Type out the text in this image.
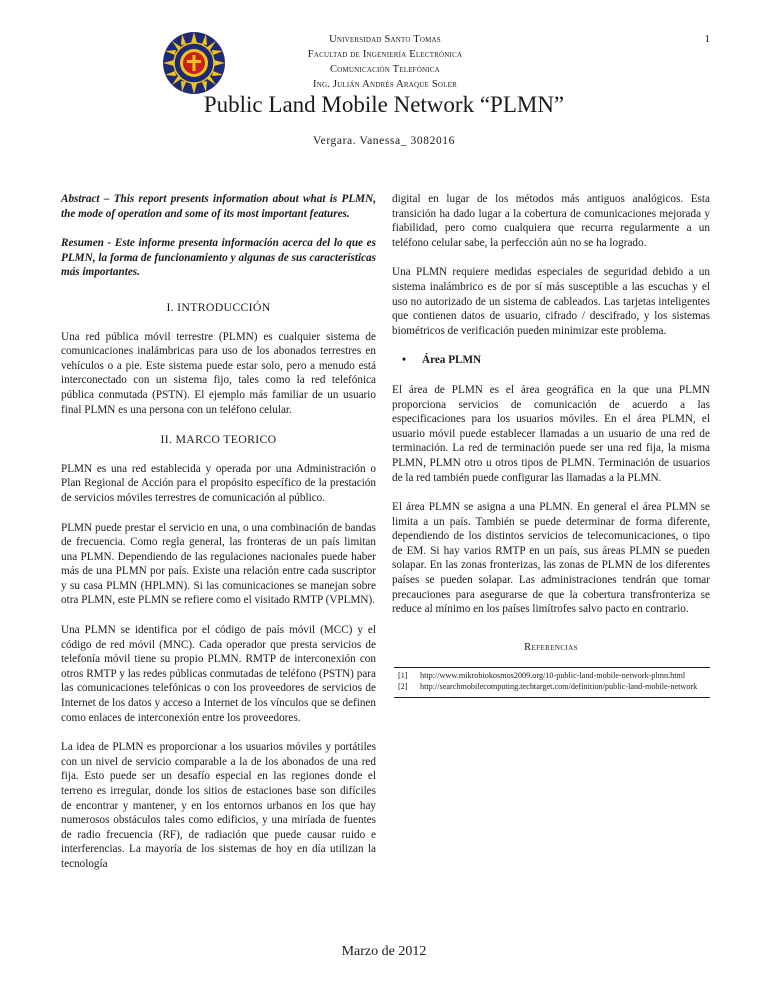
1
Universidad Santo Tomas
Facultad de Ingeniería Electrónica
Comunicación Telefónica
Ing. Julián Andrés Araque Soler
Public Land Mobile Network “PLMN”
Vergara. Vanessa_ 3082016

Abstract – This report presents information about what is PLMN, the mode of operation and some of its most important features.

Resumen - Este informe presenta información acerca del lo que es PLMN, la forma de funcionamiento y algunas de sus características más importantes.

I. INTRODUCCIÓN

Una red pública móvil terrestre (PLMN) es cualquier sistema de comunicaciones inalámbricas para uso de los abonados terrestres en vehículos o a pie. Este sistema puede estar solo, pero a menudo está interconectado con un sistema fijo, tales como la red telefónica pública conmutada (PSTN). El ejemplo más familiar de un usuario final PLMN es una persona con un teléfono celular.

II. MARCO TEORICO

PLMN es una red establecida y operada por una Administración o Plan Regional de Acción para el propósito específico de la prestación de servicios móviles terrestres de comunicación al público.

PLMN puede prestar el servicio en una, o una combinación de bandas de frecuencia. Como regla general, las fronteras de un país limitan una PLMN. Dependiendo de las regulaciones nacionales puede haber más de una PLMN por país. Existe una relación entre cada suscriptor y su casa PLMN (HPLMN). Si las comunicaciones se manejan sobre otra PLMN, este PLMN se refiere como el visitado RMTP (VPLMN).

Una PLMN se identifica por el código de país móvil (MCC) y el código de red móvil (MNC). Cada operador que presta servicios de telefonía móvil tiene su propio PLMN. RMTP de interconexión con otros RMTP y las redes públicas conmutadas de teléfono (PSTN) para las comunicaciones telefónicas o con los proveedores de servicios de Internet de los datos y acceso a Internet de los vínculos que se definen como enlaces de interconexión entre los proveedores.

La idea de PLMN es proporcionar a los usuarios móviles y portátiles con un nivel de servicio comparable a la de los abonados de una red fija. Esto puede ser un desafío especial en las regiones donde el terreno es irregular, donde los sitios de estaciones base son difíciles de encontrar y mantener, y en los entornos urbanos en los que hay numerosos obstáculos tales como edificios, y una miríada de fuentes de radio frecuencia (RF), de radiación que puede causar ruido e interferencias. La mayoría de los sistemas de hoy en día utilizan la tecnología

digital en lugar de los métodos más antiguos analógicos. Esta transición ha dado lugar a la cobertura de comunicaciones mejorada y fiabilidad, pero como cualquiera que recurra regularmente a un teléfono celular sabe, la perfección aún no se ha logrado.

Una PLMN requiere medidas especiales de seguridad debido a un sistema inalámbrico es de por sí más susceptible a las escuchas y el uso no autorizado de un sistema de cableados. Las tarjetas inteligentes que contienen datos de usuario, cifrado / descifrado, y los sistemas biométricos de verificación pueden minimizar este problema.

• Área PLMN

El área de PLMN es el área geográfica en la que una PLMN proporciona servicios de comunicación de acuerdo a las especificaciones para los usuarios móviles. En el área PLMN, el usuario móvil puede establecer llamadas a un usuario de una red de terminación. La red de terminación puede ser una red fija, la misma PLMN, PLMN otro u otros tipos de PLMN. Terminación de usuarios de la red también puede configurar las llamadas a la PLMN.

El área PLMN se asigna a una PLMN. En general el área PLMN se limita a un país. También se puede determinar de forma diferente, dependiendo de los distintos servicios de telecomunicaciones, o tipo de EM. Si hay varios RMTP en un país, sus áreas PLMN se pueden solapar. En las zonas fronterizas, las zonas de PLMN de los diferentes países se pueden solapar. Las administraciones tendrán que tomar precauciones para asegurarse de que la cobertura transfronteriza se reduce al mínimo en los países limítrofes salvo pacto en contrario.

Referencias
[1]	http://www.mikrobiokosmos2009.org/10-public-land-mobile-network-plmn.html
[2]	http://searchmobilecomputing.techtarget.com/definition/public-land-mobile-network
Marzo de 2012
